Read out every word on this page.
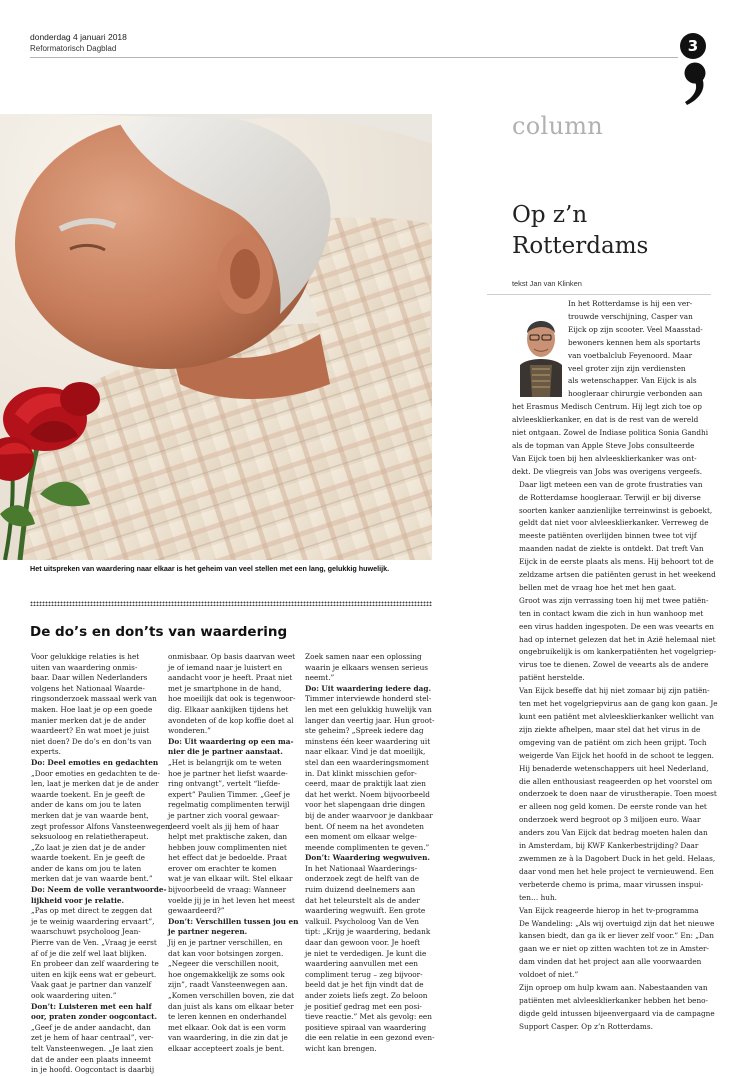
donderdag 4 januari 2018
Reformatorisch Dagblad	3
Het uitspreken van waardering naar elkaar is het geheim van veel stellen met een lang, gelukkig huwelijk.
column
Op z’n
Rotterdams
tekst Jan van Klinken

In het Rotterdamse is hij een ver-
trouwde verschijning, Casper van
Eijck op zijn scooter. Veel Maasstad-
bewoners kennen hem als sportarts
van voetbalclub Feyenoord. Maar
veel groter zijn zijn verdiensten
als wetenschapper. Van Eijck is als
hoogleraar chirurgie verbonden aan
het Erasmus Medisch Centrum. Hij legt zich toe op
alvleesklierkanker, en dat is de rest van de wereld
niet ontgaan. Zowel de Indiase politica Sonia Gandhi
als de topman van Apple Steve Jobs consulteerde
Van Eijck toen bij hen alvleesklierkanker was ont-
dekt. De vliegreis van Jobs was overigens vergeefs.

Daar ligt meteen een van de grote frustraties van
de Rotterdamse hoogleraar. Terwijl er bij diverse
soorten kanker aanzienlijke terreinwinst is geboekt,
geldt dat niet voor alvleesklierkanker. Verreweg de
meeste patiënten overlijden binnen twee tot vijf
maanden nadat de ziekte is ontdekt. Dat treft Van
Eijck in de eerste plaats als mens. Hij behoort tot de
zeldzame artsen die patiënten gerust in het weekend
bellen met de vraag hoe het met hen gaat.

Groot was zijn verrassing toen hij met twee patiën-
ten in contact kwam die zich in hun wanhoop met
een virus hadden ingespoten. De een was veearts en
had op internet gelezen dat het in Azië helemaal niet
ongebruikelijk is om kankerpatiënten het vogelgriep-
virus toe te dienen. Zowel de veearts als de andere
patiënt herstelde.

Van Eijck beseffe dat hij niet zomaar bij zijn patiën-
ten met het vogelgriepvirus aan de gang kon gaan. Je
kunt een patiënt met alvleesklierkanker wellicht van
zijn ziekte afhelpen, maar stel dat het virus in de
omgeving van de patiënt om zich heen grijpt. Toch
weigerde Van Eijck het hoofd in de schoot te leggen.

Hij benaderde wetenschappers uit heel Nederland,
die allen enthousiast reageerden op het voorstel om
onderzoek te doen naar de virustherapie. Toen moest
er alleen nog geld komen. De eerste ronde van het
onderzoek werd begroot op 3 miljoen euro. Waar
anders zou Van Eijck dat bedrag moeten halen dan
in Amsterdam, bij KWF Kankerbestrijding? Daar
zwemmen ze à la Dagobert Duck in het geld. Helaas,
daar vond men het hele project te vernieuwend. Een
verbeterde chemo is prima, maar virussen inspui-
ten… huh.

Van Eijck reageerde hierop in het tv-programma
De Wandeling: „Als wij overtuigd zijn dat het nieuwe
kansen biedt, dan ga ik er liever zelf voor.” En: „Dan
gaan we er niet op zitten wachten tot ze in Amster-
dam vinden dat het project aan alle voorwaarden
voldoet of niet.”

Zijn oproep om hulp kwam aan. Nabestaanden van
patiënten met alvleesklierkanker hebben het beno-
digde geld intussen bijeenvergaard via de campagne
Support Casper. Op z’n Rotterdams.

De do’s en don’ts van waardering
Voor gelukkige relaties is het
uiten van waardering onmis-
baar. Daar willen Nederlanders
volgens het Nationaal Waarde-
ringsonderzoek massaal werk van
maken. Hoe laat je op een goede
manier merken dat je de ander
waardeert? En wat moet je juist
niet doen? De do’s en don’ts van
experts.
Do: Deel emoties en gedachten
„Door emoties en gedachten te de-
len, laat je merken dat je de ander
waarde toekent. En je geeft de
ander de kans om jou te laten
merken dat je van waarde bent,
zegt professor Alfons Vansteenwegen,
seksuoloog en relatietherapeut.
„Zo laat je zien dat je de ander
waarde toekent. En je geeft de
ander de kans om jou te laten
merken dat je van waarde bent.”
Do: Neem de volle verantwoorde-
lijkheid voor je relatie.
„Pas op met direct te zeggen dat
je te weinig waardering ervaart”,
waarschuwt psycholoog Jean-
Pierre van de Ven. „Vraag je eerst
af of je die zelf wel laat blijken.
En probeer dan zelf waardering te
uiten en kijk eens wat er gebeurt.
Vaak gaat je partner dan vanzelf
ook waardering uiten.”
Don’t: Luisteren met een half
oor, praten zonder oogcontact.
„Geef je de ander aandacht, dan
zet je hem of haar centraal”, ver-
telt Vansteenwegen. „Je laat zien
dat de ander een plaats inneemt
in je hoofd. Oogcontact is daarbij
onmisbaar. Op basis daarvan weet
je of iemand naar je luistert en
aandacht voor je heeft. Praat niet
met je smartphone in de hand,
hoe moeilijk dat ook is tegenwoor-
dig. Elkaar aankijken tijdens het
avondeten of de kop koffie doet al
wonderen.”
Do: Uit waardering op een ma-
nier die je partner aanstaat.
„Het is belangrijk om te weten
hoe je partner het liefst waarde-
ring ontvangt”, vertelt “liefde-
expert” Paulien Timmer. „Geef je
regelmatig complimenten terwijl
je partner zich vooral gewaar-
deerd voelt als jij hem of haar
helpt met praktische zaken, dan
hebben jouw complimenten niet
het effect dat je bedoelde. Praat
erover om erachter te komen
wat je van elkaar wilt. Stel elkaar
bijvoorbeeld de vraag: Wanneer
voelde jij je in het leven het meest
gewaardeerd?”
Don’t: Verschillen tussen jou en
je partner negeren.
Jij en je partner verschillen, en
dat kan voor botsingen zorgen.
„Negeer die verschillen nooit,
hoe ongemakkelijk ze soms ook
zijn”, raadt Vansteenwegen aan.
„Komen verschillen boven, zie dat
dan juist als kans om elkaar beter
te leren kennen en onderhandel
met elkaar. Ook dat is een vorm
van waardering, in die zin dat je
elkaar accepteert zoals je bent.
Zoek samen naar een oplossing
waarin je elkaars wensen serieus
neemt.”
Do: Uit waardering iedere dag.
Timmer interviewde honderd stel-
len met een gelukkig huwelijk van
langer dan veertig jaar. Hun groot-
ste geheim? „Spreek iedere dag
minstens één keer waardering uit
naar elkaar. Vind je dat moeilijk,
stel dan een waarderingsmoment
in. Dat klinkt misschien gefor-
ceerd, maar de praktijk laat zien
dat het werkt. Noem bijvoorbeeld
voor het slapengaan drie dingen
bij de ander waarvoor je dankbaar
bent. Of neem na het avondeten
een moment om elkaar welge-
meende complimenten te geven.”
Don’t: Waardering wegwuiven.
In het Nationaal Waarderings-
onderzoek zegt de helft van de
ruim duizend deelnemers aan
dat het teleurstelt als de ander
waardering wegwuift. Een grote
valkuil. Psycholoog Van de Ven
tipt: „Krijg je waardering, bedank
daar dan gewoon voor. Je hoeft
je niet te verdedigen. Je kunt die
waardering aanvullen met een
compliment terug – zeg bijvoor-
beeld dat je het fijn vindt dat de
ander zoiets liefs zegt. Zo beloon
je positief gedrag met een posi-
tieve reactie.” Met als gevolg: een
positieve spiraal van waardering
die een relatie in een gezond even-
wicht kan brengen.
